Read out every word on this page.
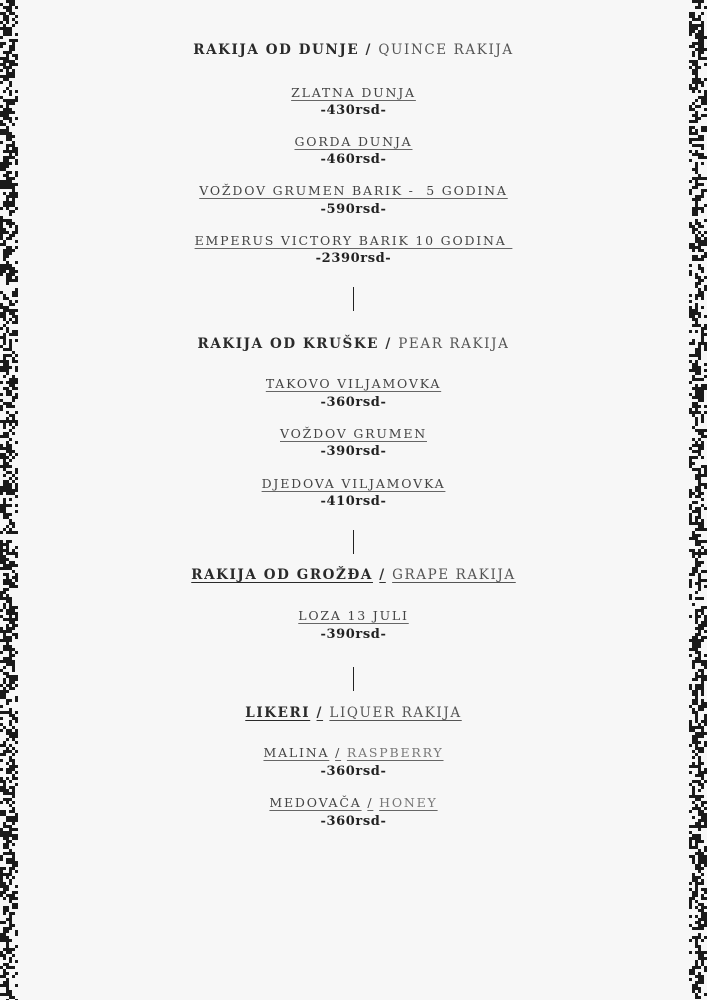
RAKIJA OD DUNJE / QUINCE RAKIJA
ZLATNA DUNJA
-430rsd-
GORDA DUNJA
-460rsd-
VOŽDOV GRUMEN BARIK -  5 GODINA
-590rsd-
EMPERUS VICTORY BARIK 10 GODINA
-2390rsd-
RAKIJA OD KRUŠKE / PEAR RAKIJA
TAKOVO VILJAMOVKA
-360rsd-
VOŽDOV GRUMEN
-390rsd-
DJEDOVA VILJAMOVKA
-410rsd-
RAKIJA OD GROŽĐA / GRAPE RAKIJA
LOZA 13 JULI
-390rsd-
LIKERI / LIQUER RAKIJA
MALINA / RASPBERRY
-360rsd-
MEDOVAČA / HONEY
-360rsd-
